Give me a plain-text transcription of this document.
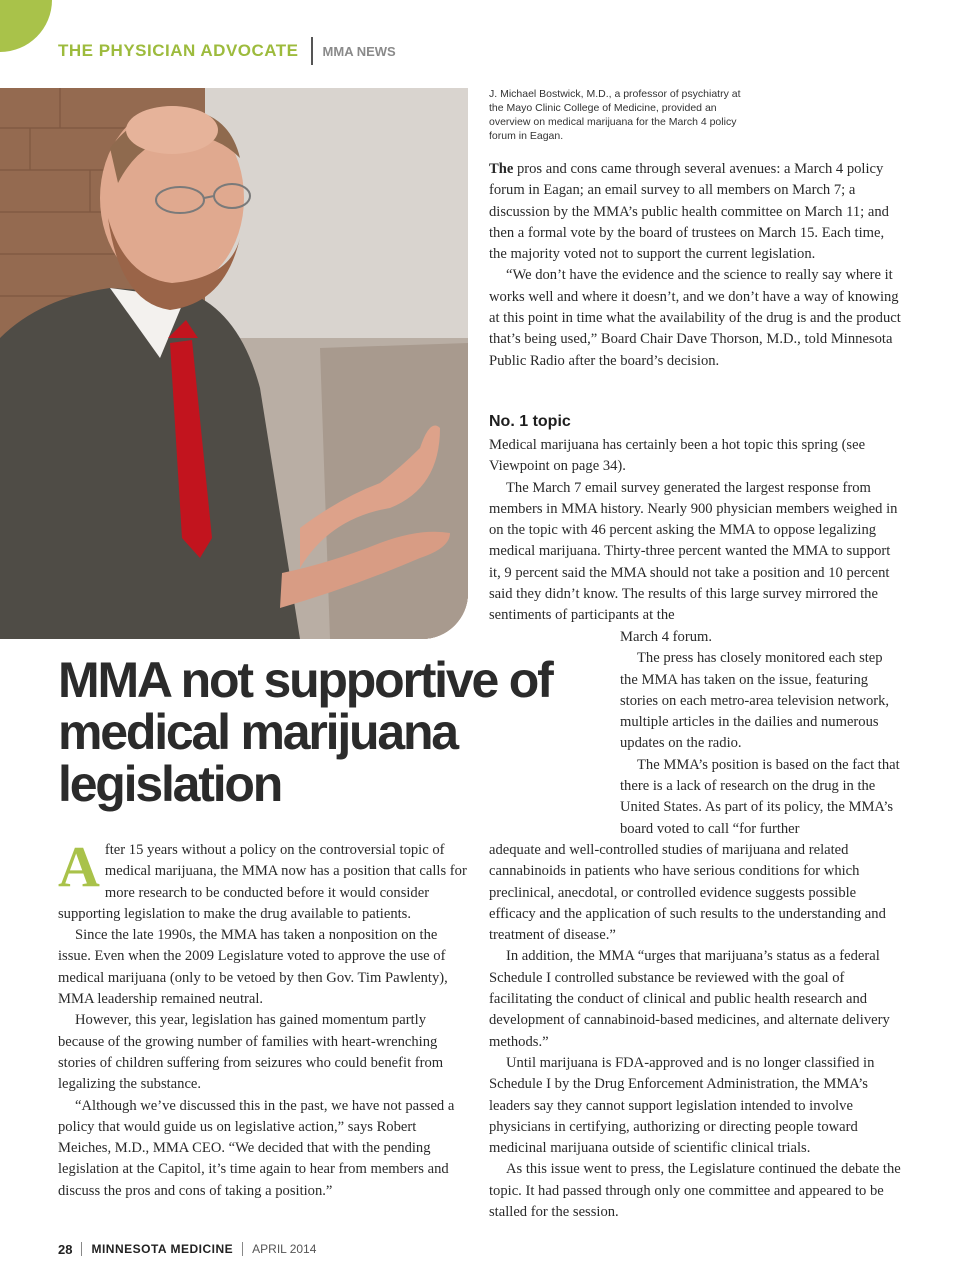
THE PHYSICIAN ADVOCATE MMA NEWS
J. Michael Bostwick, M.D., a professor of psychiatry at the Mayo Clinic College of Medicine, provided an overview on medical marijuana for the March 4 policy forum in Eagan.

The pros and cons came through several avenues: a March 4 policy forum in Eagan; an email survey to all members on March 7; a discussion by the MMA’s public health committee on March 11; and then a formal vote by the board of trustees on March 15. Each time, the majority voted not to support the current legislation.

“We don’t have the evidence and the science to really say where it works well and where it doesn’t, and we don’t have a way of knowing at this point in time what the availability of the drug is and the product that’s being used,” Board Chair Dave Thorson, M.D., told Minnesota Public Radio after the board’s decision.

No. 1 topic

Medical marijuana has certainly been a hot topic this spring (see Viewpoint on page 34).

The March 7 email survey generated the largest response from members in MMA history. Nearly 900 physician members weighed in on the topic with 46 percent asking the MMA to oppose legalizing medical marijuana. Thirty-three percent wanted the MMA to support it, 9 percent said the MMA should not take a position and 10 percent said they didn’t know. The results of this large survey mirrored the sentiments of participants at the

March 4 forum.

The press has closely monitored each step the MMA has taken on the issue, featuring stories on each metro-area television network, multiple articles in the dailies and numerous updates on the radio.

The MMA’s position is based on the fact that there is a lack of research on the drug in the United States. As part of its policy, the MMA’s board voted to call “for further

adequate and well-controlled studies of marijuana and related cannabinoids in patients who have serious conditions for which preclinical, anecdotal, or controlled evidence suggests possible efficacy and the application of such results to the understanding and treatment of disease.”

In addition, the MMA “urges that marijuana’s status as a federal Schedule I controlled substance be reviewed with the goal of facilitating the conduct of clinical and public health research and development of cannabinoid-based medicines, and alternate delivery methods.”

Until marijuana is FDA-approved and is no longer classified in Schedule I by the Drug Enforcement Administration, the MMA’s leaders say they cannot support legislation intended to involve physicians in certifying, authorizing or directing people toward medicinal marijuana outside of scientific clinical trials.

As this issue went to press, the Legislature continued the debate the topic. It had passed through only one committee and appeared to be stalled for the session.

MMA not supportive of medical marijuana legislation

After 15 years without a policy on the controversial topic of medical marijuana, the MMA now has a position that calls for more research to be conducted before it would consider supporting legislation to make the drug available to patients.

Since the late 1990s, the MMA has taken a nonposition on the issue. Even when the 2009 Legislature voted to approve the use of medical marijuana (only to be vetoed by then Gov. Tim Pawlenty), MMA leadership remained neutral.

However, this year, legislation has gained momentum partly because of the growing number of families with heart-wrenching stories of children suffering from seizures who could benefit from legalizing the substance.

“Although we’ve discussed this in the past, we have not passed a policy that would guide us on legislative action,” says Robert Meiches, M.D., MMA CEO. “We decided that with the pending legislation at the Capitol, it’s time again to hear from members and discuss the pros and cons of taking a position.”

28 MINNESOTA MEDICINE APRIL 2014
